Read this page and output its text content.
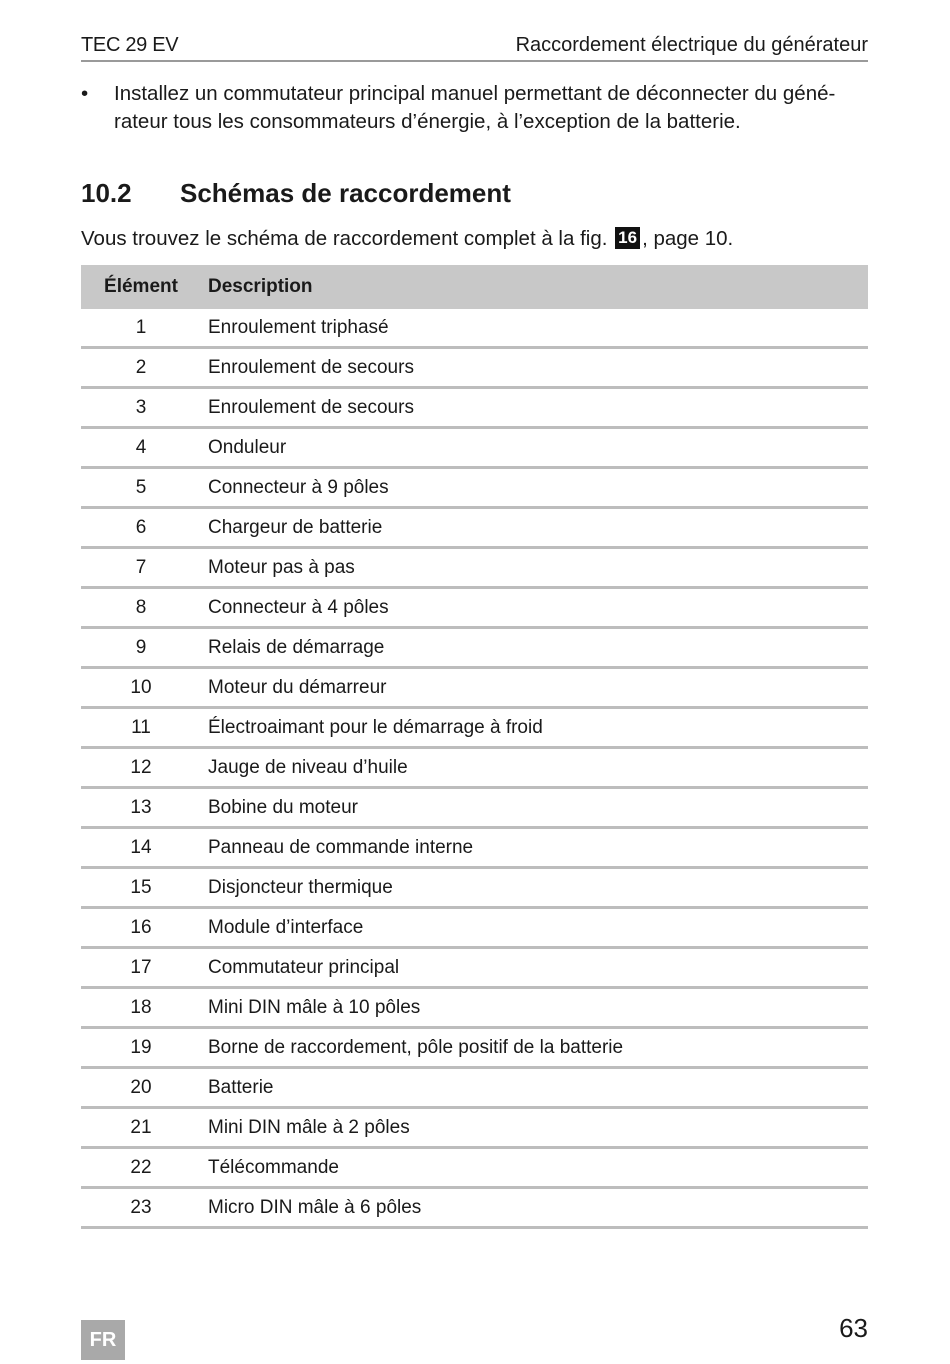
TEC 29 EV	Raccordement électrique du générateur
•	Installez un commutateur principal manuel permettant de déconnecter du géné-
rateur tous les consommateurs d’énergie, à l’exception de la batterie.
10.2	Schémas de raccordement
Vous trouvez le schéma de raccordement complet à la fig. 16 , page 10.
Élément	Description
1	Enroulement triphasé
2	Enroulement de secours
3	Enroulement de secours
4	Onduleur
5	Connecteur à 9 pôles
6	Chargeur de batterie
7	Moteur pas à pas
8	Connecteur à 4 pôles
9	Relais de démarrage
10	Moteur du démarreur
11	Électroaimant pour le démarrage à froid
12	Jauge de niveau d’huile
13	Bobine du moteur
14	Panneau de commande interne
15	Disjoncteur thermique
16	Module d’interface
17	Commutateur principal
18	Mini DIN mâle à 10 pôles
19	Borne de raccordement, pôle positif de la batterie
20	Batterie
21	Mini DIN mâle à 2 pôles
22	Télécommande
23	Micro DIN mâle à 6 pôles
FR	63
